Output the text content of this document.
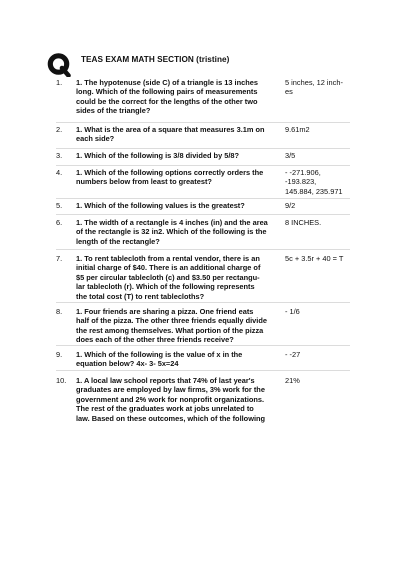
TEAS EXAM MATH SECTION (tristine)
1. 1. The hypotenuse (side C) of a triangle is 13 inches
long. Which of the following pairs of measurements
could be the correct for the lengths of the other two
sides of the triangle?
5 inches, 12 inch-
es
2. 1. What is the area of a square that measures 3.1m on
each side?
9.61m2
3. 1. Which of the following is 3/8 divided by 5/8?	3/5
4. 1. Which of the following options correctly orders the
numbers below from least to greatest?
- -271.906,
-193.823,
145.884, 235.971
5. 1. Which of the following values is the greatest?	9/2
6. 1. The width of a rectangle is 4 inches (in) and the area
of the rectangle is 32 in2. Which of the following is the
length of the rectangle?
8 INCHES.
7. 1. To rent tablecloth from a rental vendor, there is an
initial charge of $40. There is an additional charge of
$5 per circular tablecloth (c) and $3.50 per rectangu-
lar tablecloth (r). Which of the following represents
the total cost (T) to rent tablecloths?
5c + 3.5r + 40 = T
8. 1. Four friends are sharing a pizza. One friend eats
half of the pizza. The other three friends equally divide
the rest among themselves. What portion of the pizza
does each of the other three friends receive?
- 1/6
9. 1. Which of the following is the value of x in the
equation below? 4x- 3- 5x=24
- -27
10. 1. A local law school reports that 74% of last year's
graduates are employed by law firms, 3% work for the
government and 2% work for nonprofit organizations.
The rest of the graduates work at jobs unrelated to
law. Based on these outcomes, which of the following
21%
